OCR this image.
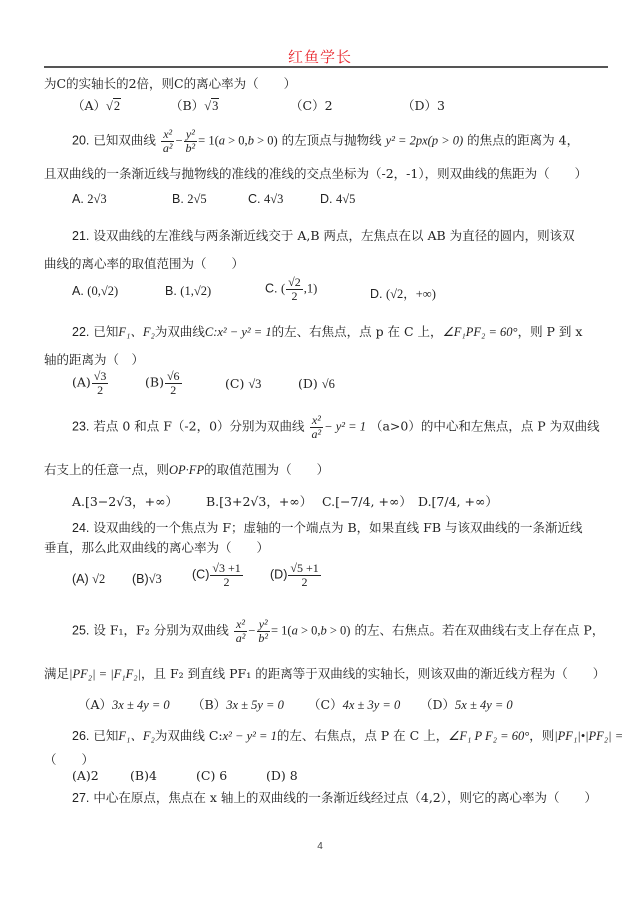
红鱼学长
为C的实轴长的2倍，则C的离心率为（　　）
（A）√2	（B）√3	（C）2	（D）3
20. 已知双曲线 $\frac{\text{x²}}{\text{a²}} - \frac{\text{y²}}{\text{b²}} = 1(a > 0,b > 0)$ 的左顶点与抛物线 y² = 2px(p > 0) 的焦点的距离为 4，
且双曲线的一条渐近线与抛物线的准线的准线的交点坐标为（-2，-1），则双曲线的焦距为（　　）
A. 2√3	B. 2√5	C. 4√3	D. 4√5
21. 设双曲线的左准线与两条渐近线交于 A,B 两点，左焦点在以 AB 为直径的圆内，则该双
曲线的离心率的取值范围为（　　）
A. (0,√2)	B. (1,√2)	C. ( $\frac{√2}{2} ,1$)	D. (√2，+∞)
22. 已知F₁、F₂为双曲线C:x² − y² = 1的左、右焦点，点 p 在 C 上，∠F₁PF₂ = 60°，则 P 到 x
轴的距离为（　）
$(A) \frac{√3}{2}$	$(B) \frac{√6}{2}$	(C) √3	(D) √6
23. 若点 0 和点 F（-2，0）分别为双曲线 $\frac{\text{x²}}{\text{a²}} - y^2 = 1$ （a>0）的中心和左焦点，点 P 为双曲线
右支上的任意一点，则OP·FP的取值范围为（　　）
A.[3−2√3，+∞） B.[3+2√3，+∞） C.[−7/4, +∞） D.[7/4, +∞）
24. 设双曲线的一个焦点为 F；虚轴的一个端点为 B，如果直线 FB 与该双曲线的一条渐近线
垂直，那么此双曲线的离心率为（　　）
(A) √2 (B)√3 $(C) \frac{√3 +1}{2} (D) \frac{√5 +1}{2}$
25. 设 F₁，F₂ 分别为双曲线 $\frac{\text{x²}}{\text{a²}} - \frac{\text{y²}}{\text{b²}} = 1(a > 0,b > 0)$ 的左、右焦点。若在双曲线右支上存在点 P，
满足|PF₂| = |F₁F₂|，且 F₂ 到直线 PF₁ 的距离等于双曲线的实轴长，则该双曲的渐近线方程为（　　）
（A）3x ± 4y = 0 （B）3x ± 5y = 0 （C）4x ± 3y = 0 （D）5x ± 4y = 0
26. 已知F₁、F₂为双曲线 C:x² − y² = 1的左、右焦点，点 P 在 C 上，∠F₁ P F₂ = 60°，则|PF₁|•|PF₂| =
（　　）
(A)2	(B)4	(C) 6	(D) 8
27. 中心在原点，焦点在 x 轴上的双曲线的一条渐近线经过点（4,2），则它的离心率为（　　）
4
